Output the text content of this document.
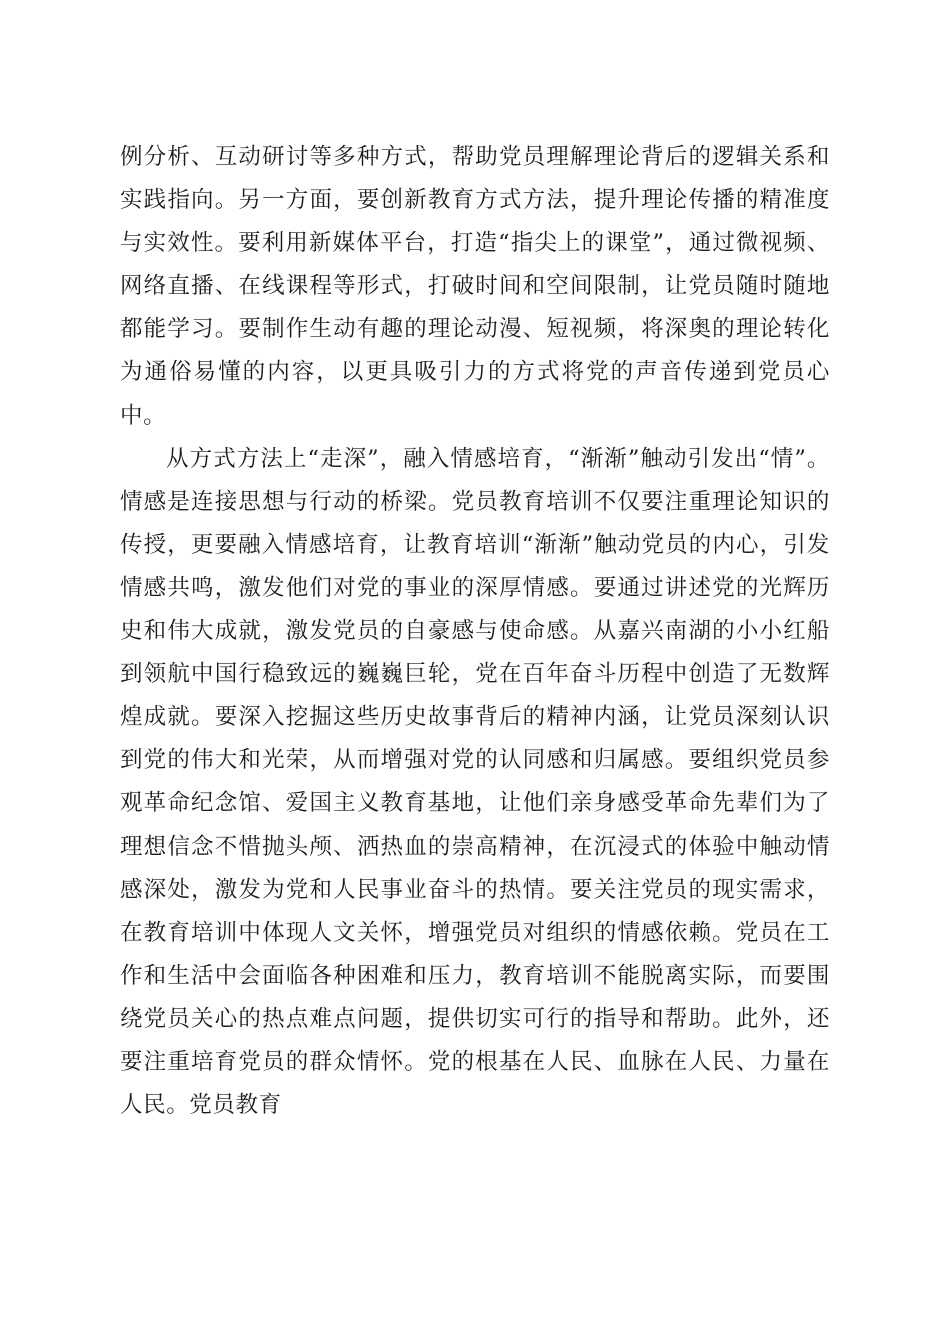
例分析、互动研讨等多种方式，帮助党员理解理论背后的逻辑关系和实践指向。另一方面，要创新教育方式方法，提升理论传播的精准度与实效性。要利用新媒体平台，打造“指尖上的课堂”，通过微视频、网络直播、在线课程等形式，打破时间和空间限制，让党员随时随地都能学习。要制作生动有趣的理论动漫、短视频，将深奥的理论转化为通俗易懂的内容，以更具吸引力的方式将党的声音传递到党员心中。

从方式方法上“走深”，融入情感培育，“渐渐”触动引发出“情”。情感是连接思想与行动的桥梁。党员教育培训不仅要注重理论知识的传授，更要融入情感培育，让教育培训“渐渐”触动党员的内心，引发情感共鸣，激发他们对党的事业的深厚情感。要通过讲述党的光辉历史和伟大成就，激发党员的自豪感与使命感。从嘉兴南湖的小小红船到领航中国行稳致远的巍巍巨轮，党在百年奋斗历程中创造了无数辉煌成就。要深入挖掘这些历史故事背后的精神内涵，让党员深刻认识到党的伟大和光荣，从而增强对党的认同感和归属感。要组织党员参观革命纪念馆、爱国主义教育基地，让他们亲身感受革命先辈们为了理想信念不惜抛头颅、洒热血的崇高精神，在沉浸式的体验中触动情感深处，激发为党和人民事业奋斗的热情。要关注党员的现实需求，在教育培训中体现人文关怀，增强党员对组织的情感依赖。党员在工作和生活中会面临各种困难和压力，教育培训不能脱离实际，而要围绕党员关心的热点难点问题，提供切实可行的指导和帮助。此外，还要注重培育党员的群众情怀。党的根基在人民、血脉在人民、力量在人民。党员教育
